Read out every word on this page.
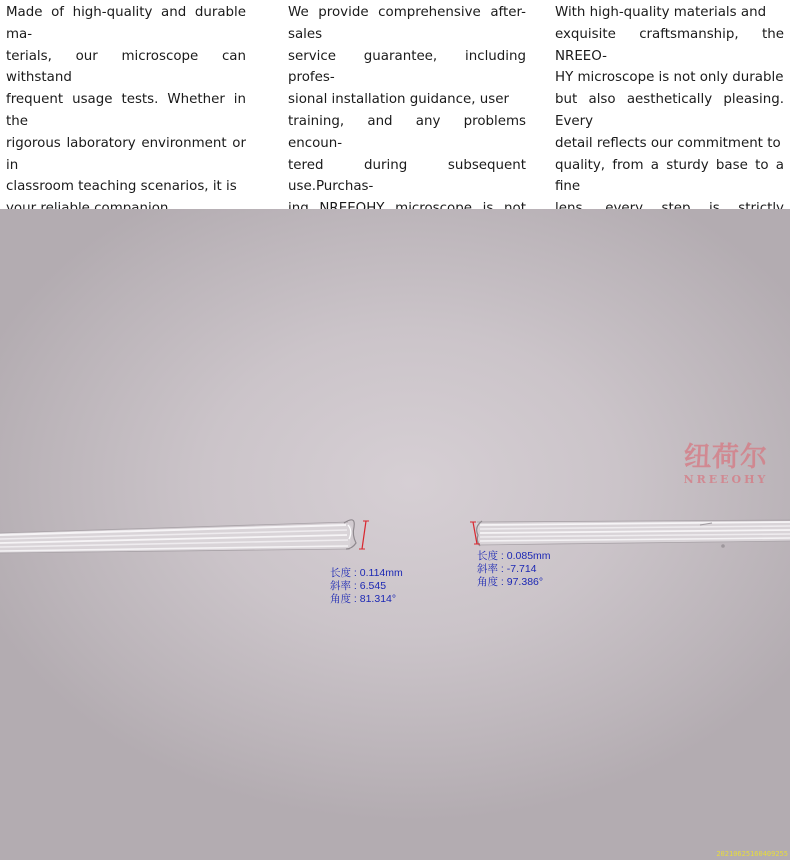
Made of high-quality and durable ma-
terials, our microscope can withstand
frequent usage tests. Whether in the
rigorous laboratory environment or in
classroom teaching scenarios, it is
We provide comprehensive after-sales
service guarantee, including profes-
sional installation guidance, user
training, and any problems encoun-
tered during subsequent use.Purchas-
With high-quality materials and
exquisite craftsmanship, the NREEO-
HY microscope is not only durable
but also aesthetically pleasing. Every
detail reflects our commitment to
quality, from a sturdy base to a fine
纽荷尔
NREEOHY
长度 : 0.114mm
斜率 : 6.545
角度 : 81.314°
长度 : 0.085mm
斜率 : -7.714
角度 : 97.386°
20210625160409255
